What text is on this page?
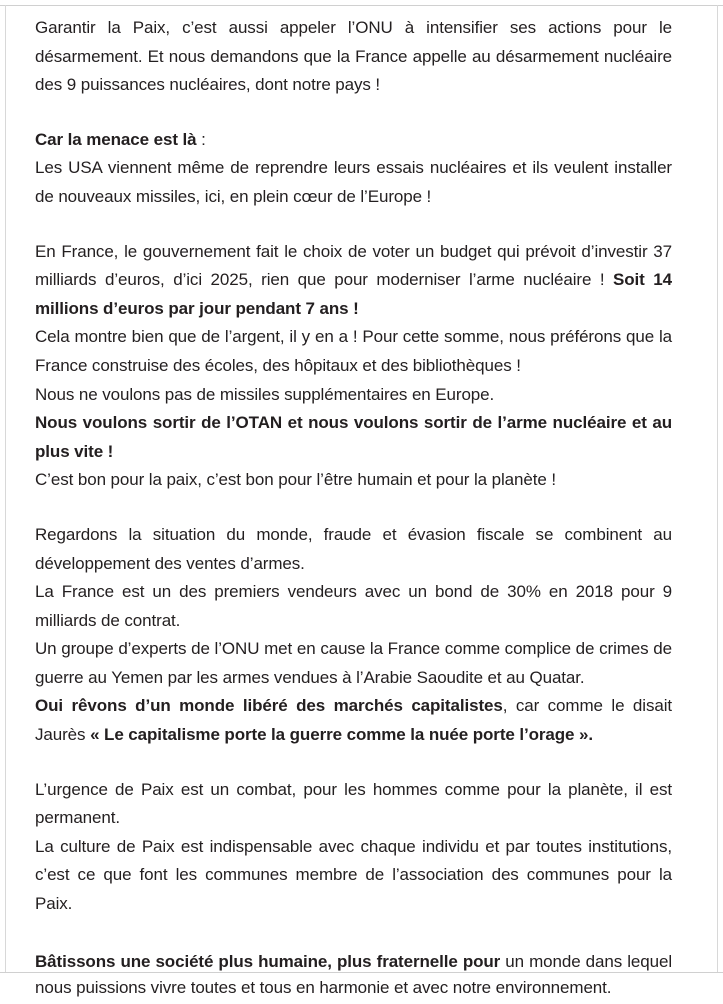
Garantir la Paix, c’est aussi appeler l’ONU à intensifier ses actions pour le désarmement. Et nous demandons que la France appelle au désarmement nucléaire des 9 puissances nucléaires, dont notre pays !

Car la menace est là :

Les USA viennent même de reprendre leurs essais nucléaires et ils veulent installer de nouveaux missiles, ici, en plein cœur de l’Europe !

En France, le gouvernement fait le choix de voter un budget qui prévoit d’investir 37 milliards d’euros, d’ici 2025, rien que pour moderniser l’arme nucléaire ! Soit 14 millions d’euros par jour pendant 7 ans !

Cela montre bien que de l’argent, il y en a ! Pour cette somme, nous préférons que la France construise des écoles, des hôpitaux et des bibliothèques !

Nous ne voulons pas de missiles supplémentaires en Europe.

Nous voulons sortir de l’OTAN et nous voulons sortir de l’arme nucléaire et au plus vite !

C’est bon pour la paix, c’est bon pour l’être humain et pour la planète !

Regardons la situation du monde, fraude et évasion fiscale se combinent au développement des ventes d’armes.

La France est un des premiers vendeurs avec un bond de 30% en 2018 pour 9 milliards de contrat.

Un groupe d’experts de l’ONU met en cause la France comme complice de crimes de guerre au Yemen par les armes vendues à l’Arabie Saoudite et au Quatar.

Oui rêvons d’un monde libéré des marchés capitalistes, car comme le disait Jaurès « Le capitalisme porte la guerre comme la nuée porte l’orage ».

L’urgence de Paix est un combat, pour les hommes comme pour la planète, il est permanent.

La culture de Paix est indispensable avec chaque individu et par toutes institutions, c’est ce que font les communes membre de l’association des communes pour la Paix.

Bâtissons une société plus humaine, plus fraternelle pour un monde dans lequel nous puissions vivre toutes et tous en harmonie et avec notre environnement.
